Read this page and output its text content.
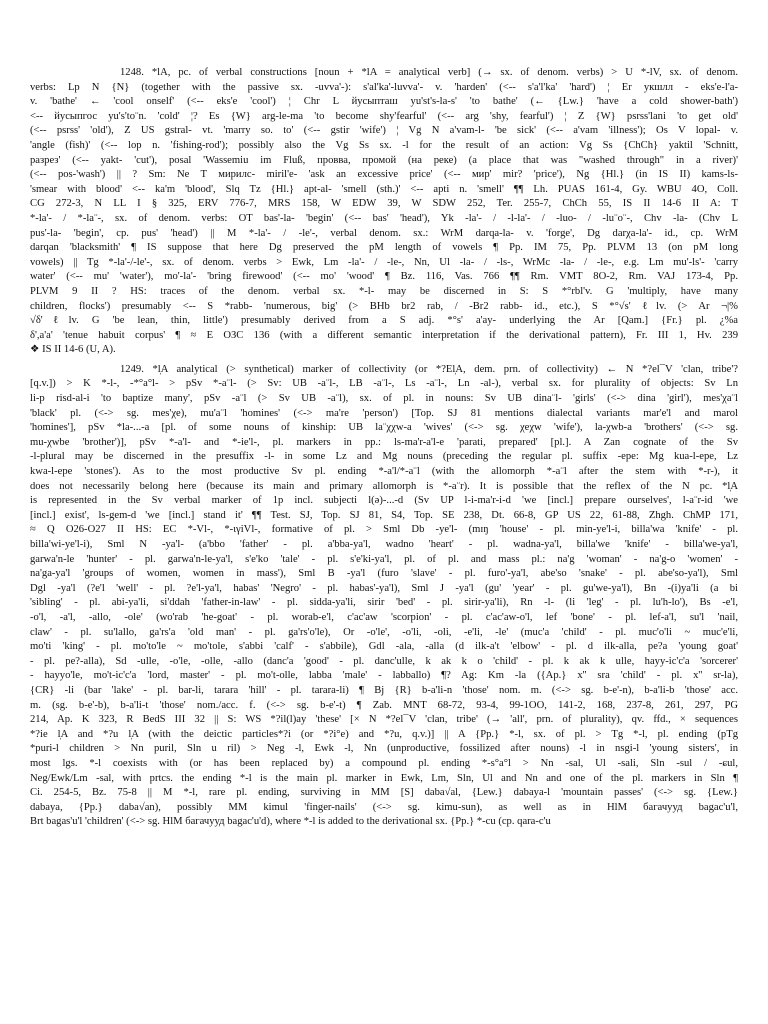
1248. *lA, pc. of verbal constructions [noun + *lA = analytical verb] (→ sx. of denom. verbs) > U *-lV, sx. of denom.
verbs: Lp N {N} (together with the passive sx. -uvva'-): s'al'ka'-luvva'- v. 'harden' (<-- s'a'l'ka' 'hard') ¦ Er yкшлл - eks'e-l'a-
v. 'bathe' ← 'cool onself' (<-- eks'e 'cool') ¦ Chr L йусыпташ yu'st's-la-s' 'to bathe' (← {Lw.} 'have a cold shower-bath')
<-- йусыпгос yu's'to¨n. 'cold' ¦? Es {W} arg-le-ma 'to become shy'fearful' (<-- arg 'shy, fearful') ¦ Z {W} psrss'lani 'to get old'
(<-- psrss' 'old'), Z US gstral- vt. 'marry so. to' (<-- gstir 'wife') ¦ Vg N a'vam-l- 'be sick' (<-- a'vam 'illness'); Os V lopal- v.
'angle (fish)' (<-- lop n. 'fishing-rod'); possibly also the Vg Ss sx. -l for the result of an action: Vg Ss {ChCh} yaktil 'Schnitt,
разрез' (<-- yakt- 'cut'), posal 'Wassemiu im Fluß, провва, промой (на реке) (a place that was "washed through" in a river)'
(<-- pos-'wash') || ? Sm: Ne T мирилс- miril'e- 'ask an excessive price' (<-- мир' mir? 'price'), Ng {Hl.} (in IS II) kams-ls-
'smear with blood' <-- ka'm 'blood', Slq Tz {Hl.} apt-al- 'smell (sth.)' <-- apti n. 'smell' ¶¶ Lh. PUAS 161-4, Gy. WBU 4O, Coll.
CG 272-3, N LL I § 325, ERV 776-7, MRS 158, W EDW 39, W SDW 252, Ter. 255-7, ChCh 55, IS II 14-6 II A: T
*-la'- / *-la¨-, sx. of denom. verbs: OT bas'-la- 'begin' (<-- bas' 'head'), Yk -la'- / -l-la'- / -luo- / -lu¨o¨-, Chv -la- (Chv L
pus'-la- 'begin', cp. pus' 'head') || M *-la'- / -le'-, verbal denom. sx.: WrM darqa-la- v. 'forge', Dg darχa-la'- id., cp. WrM
darqan 'blacksmith' ¶ IS suppose that here Dg preserved the pM length of vowels ¶ Pp. IM 75, Pp. PLVM 13 (on pM long
vowels) || Tg *-la'-/-le'-, sx. of denom. verbs > Ewk, Lm -la'- / -le-, Nn, Ul -la- / -ls-, WrMc -la- / -le-, e.g. Lm mu'-ls'- 'carry
water' (<-- mu' 'water'), mo'-la'- 'bring firewood' (<-- mo' 'wood' ¶ Bz. 116, Vas. 766 ¶¶ Rm. VMT 8O-2, Rm. VAJ 173-4, Pp.
PLVM 9 II ? HS: traces of the denom. verbal sx. *-l- may be discerned in S: S *°rbl'v. G 'multiply, have many
children, flocks') presumably <-- S *rabb- 'numerous, big' (> BHb br2 rab, / -Br2 rabb- id., etc.), S *°√s' ℓlv. (> Ar ¬|%
√δ'ℓlv. G 'be lean, thin, little') presumably derived from a S adj. *°s' a'ay- underlying the Ar [Qam.] {Fr.} pl. ¿%a
δ',a'a' 'tenue habuit corpus' ¶ ≈ E OЗC 136 (with a different semantic interpretation if the derivational pattern), Fr. III 1, Hv. 239
❖ IS II 14-6 (U, A).
1249. *l̩A analytical (> synthetical) marker of collectivity (or *?El̩A, dem. prn. of collectivity) ← N *?el¯V 'clan, tribe'?
[q.v.]) > K *-l-, -*°a°l- > pSv *-a¨l- (> Sv: UB -a¨l-, LB -a¨l-, Ls -a¨l-, Ln -al-), verbal sx. for plurality of objects: Sv Ln
li-p risd-al-i 'to baptize many', pSv -a¨l (> Sv UB -a¨l), sx. of pl. in nouns: Sv UB dina¨l- 'girls' (<-> dina 'girl'), mes'χa¨l
'black' pl. (<-> sg. mes'χe), mu'a¨l 'homines' (<-> ma're 'person') [Top. SJ 81 mentions dialectal variants mar'e'l and marol
'homines'], pSv *la-...-a [pl. of some nouns of kinship: UB la¨χχw-a 'wives' (<-> sg. χeχw 'wife'), la-χwb-a 'brothers' (<-> sg.
mu-χwbe 'brother')], pSv *-a'l- and *-ie'l-, pl. markers in pp.: ls-ma'r-a'l-e 'parati, prepared' [pl.]. A Zan cognate of the Sv
-l-plural may be discerned in the presuffix -l- in some Lz and Mg nouns (preceding the regular pl. suffix -epe: Mg kua-l-epe, Lz
kwa-l-epe 'stones'). As to the most productive Sv pl. ending *-a'l/*-a¨l (with the allomorph *-a¨l after the stem with *-r-), it
does not necessarily belong here (because its main and primary allomorph is *-a¨r). It is possible that the reflex of the N pc. *l̩A
is represented in the Sv verbal marker of 1p incl. subjecti l(ə)-...-d (Sv UP l-i-ma'r-i-d 'we [incl.] prepare ourselves', l-a¨r-id 'we
[incl.] exist', ls-gem-d 'we [incl.] stand it' ¶¶ Test. SJ, Top. SJ 81, S4, Top. SE 238, Dt. 66-8, GP US 22, 61-88, Zhgh. ChMP 171,
≈ Q O26-O27 II HS: EC *-Vl-, *-ɩγiVl-, formative of pl. > Sml Db -ye'l- (mɪŋ 'house' - pl. min-ye'l-i, billa'wa 'knife' - pl.
billa'wi-ye'l-i), Sml N -ya'l- (a'bbo 'father' - pl. a'bba-ya'l, wadno 'heart' - pl. wadna-ya'l, billa'we 'knife' - billa'we-ya'l,
garwa'n-le 'hunter' - pl. garwa'n-le-ya'l, s'e'ko 'tale' - pl. s'e'ki-ya'l, pl. of pl. and mass pl.: na'g 'woman' - na'g-o 'women' -
na'ga-ya'l 'groups of women, women in mass'), Sml B -ya'l (furo 'slave' - pl. furo'-ya'l, abe'so 'snake' - pl. abe'so-ya'l), Sml
Dgl -ya'l (?e'l 'well' - pl. ?e'l-ya'l, habas' 'Negro' - pl. habas'-ya'l), Sml J -ya'l (gu' 'year' - pl. gu'we-ya'l), Bn -(i)ya'li (a bi
'sibling' - pl. abi-ya'li, si'ddah 'father-in-law' - pl. sidda-ya'li, sirir 'bed' - pl. sirir-ya'li), Rn -l- (li 'leg' - pl. lu'h-lo'), Bs -e'l,
-o'l, -a'l, -allo, -ole' (wo'rab 'he-goat' - pl. worab-e'l, c'ac'aw 'scorpion' - pl. c'ac'aw-o'l, lef 'bone' - pl. lef-a'l, su'l 'nail,
claw' - pl. su'lallo, ga'rs'a 'old man' - pl. ga'rs'o'le), Or -o'le', -o'li, -oli, -e'li, -le' (muc'a 'child' - pl. muc'o'li ~ muc'e'li,
mo'ti 'king' - pl. mo'to'le ~ mo'tole, s'abbi 'calf' - s'abbile), Gdl -ala, -alla (d ilk-a't 'elbow' - pl. d ilk-alla, pe?a 'young goat'
- pl. pe?-alla), Sd -ulle, -o'le, -olle, -allo (danc'a 'good' - pl. danc'ulle, k ak k o 'child' - pl. k ak k ulle, hayy-ic'c'a 'sorcerer'
- hayyo'le, mo't-ic'c'a 'lord, master' - pl. mo't-olle, labba 'male' - labballo) ¶? Ag: Km -la ({Ap.} x'' sra 'child' - pl. x'' sr-la),
{CR} -li (bar 'lake' - pl. bar-li, tarara 'hill' - pl. tarara-li) ¶ Bj {R} b-a'li-n 'those' nom. m. (<-> sg. b-e'-n), b-a'li-b 'those' acc.
m. (sg. b-e'-b), b-a'li-t 'those' nom./acc. f. (<-> sg. b-e'-t) ¶ Zab. MNT 68-72, 93-4, 99-1OO, 141-2, 168, 237-8, 261, 297, PG
214, Ap. K 323, R BedS III 32 || S: WS *?il(l)ay 'these' [× N *?el¯V 'clan, tribe' (→ 'all', prn. of plurality), qv. ffd., × sequences
*?ie l̩A and *?u l̩A (with the deictic particles*?i (or *?i°e) and *?u, q.v.)] || A {Pp.} *-l, sx. of pl. > Tg *-l, pl. ending (pTg
*puri-l children > Nn puril, Sln u ril) > Neg -l, Ewk -l, Nn (unproductive, fossilized after nouns) -l in nsgi-l 'young sisters', in
most lgs. *-l coexists with (or has been replaced by) a compound pl. ending *-s°a°l > Nn -sal, Ul -sali, Sln -sul / -ɕul,
Neg/Ewk/Lm -sal, with prtcs. the ending *-l is the main pl. marker in Ewk, Lm, Sln, Ul and Nn and one of the pl. markers in Sln ¶
Ci. 254-5, Bz. 75-8 || M *-l, rare pl. ending, surviving in MM [S] daba√al, {Lew.} dabaya-l 'mountain passes' (<-> sg. {Lew.}
dabaya, {Pp.} daba√an), possibly MM kimul 'finger-nails' (<-> sg. kimu-sun), as well as in HlM бaгачууд bagac'u'l,
Brt bagas'u'l 'children' (<-> sg. HlM бaгачууд bagac'u'd), where *-l is added to the derivational sx. {Pp.} *-cu (cp. qara-c'u
